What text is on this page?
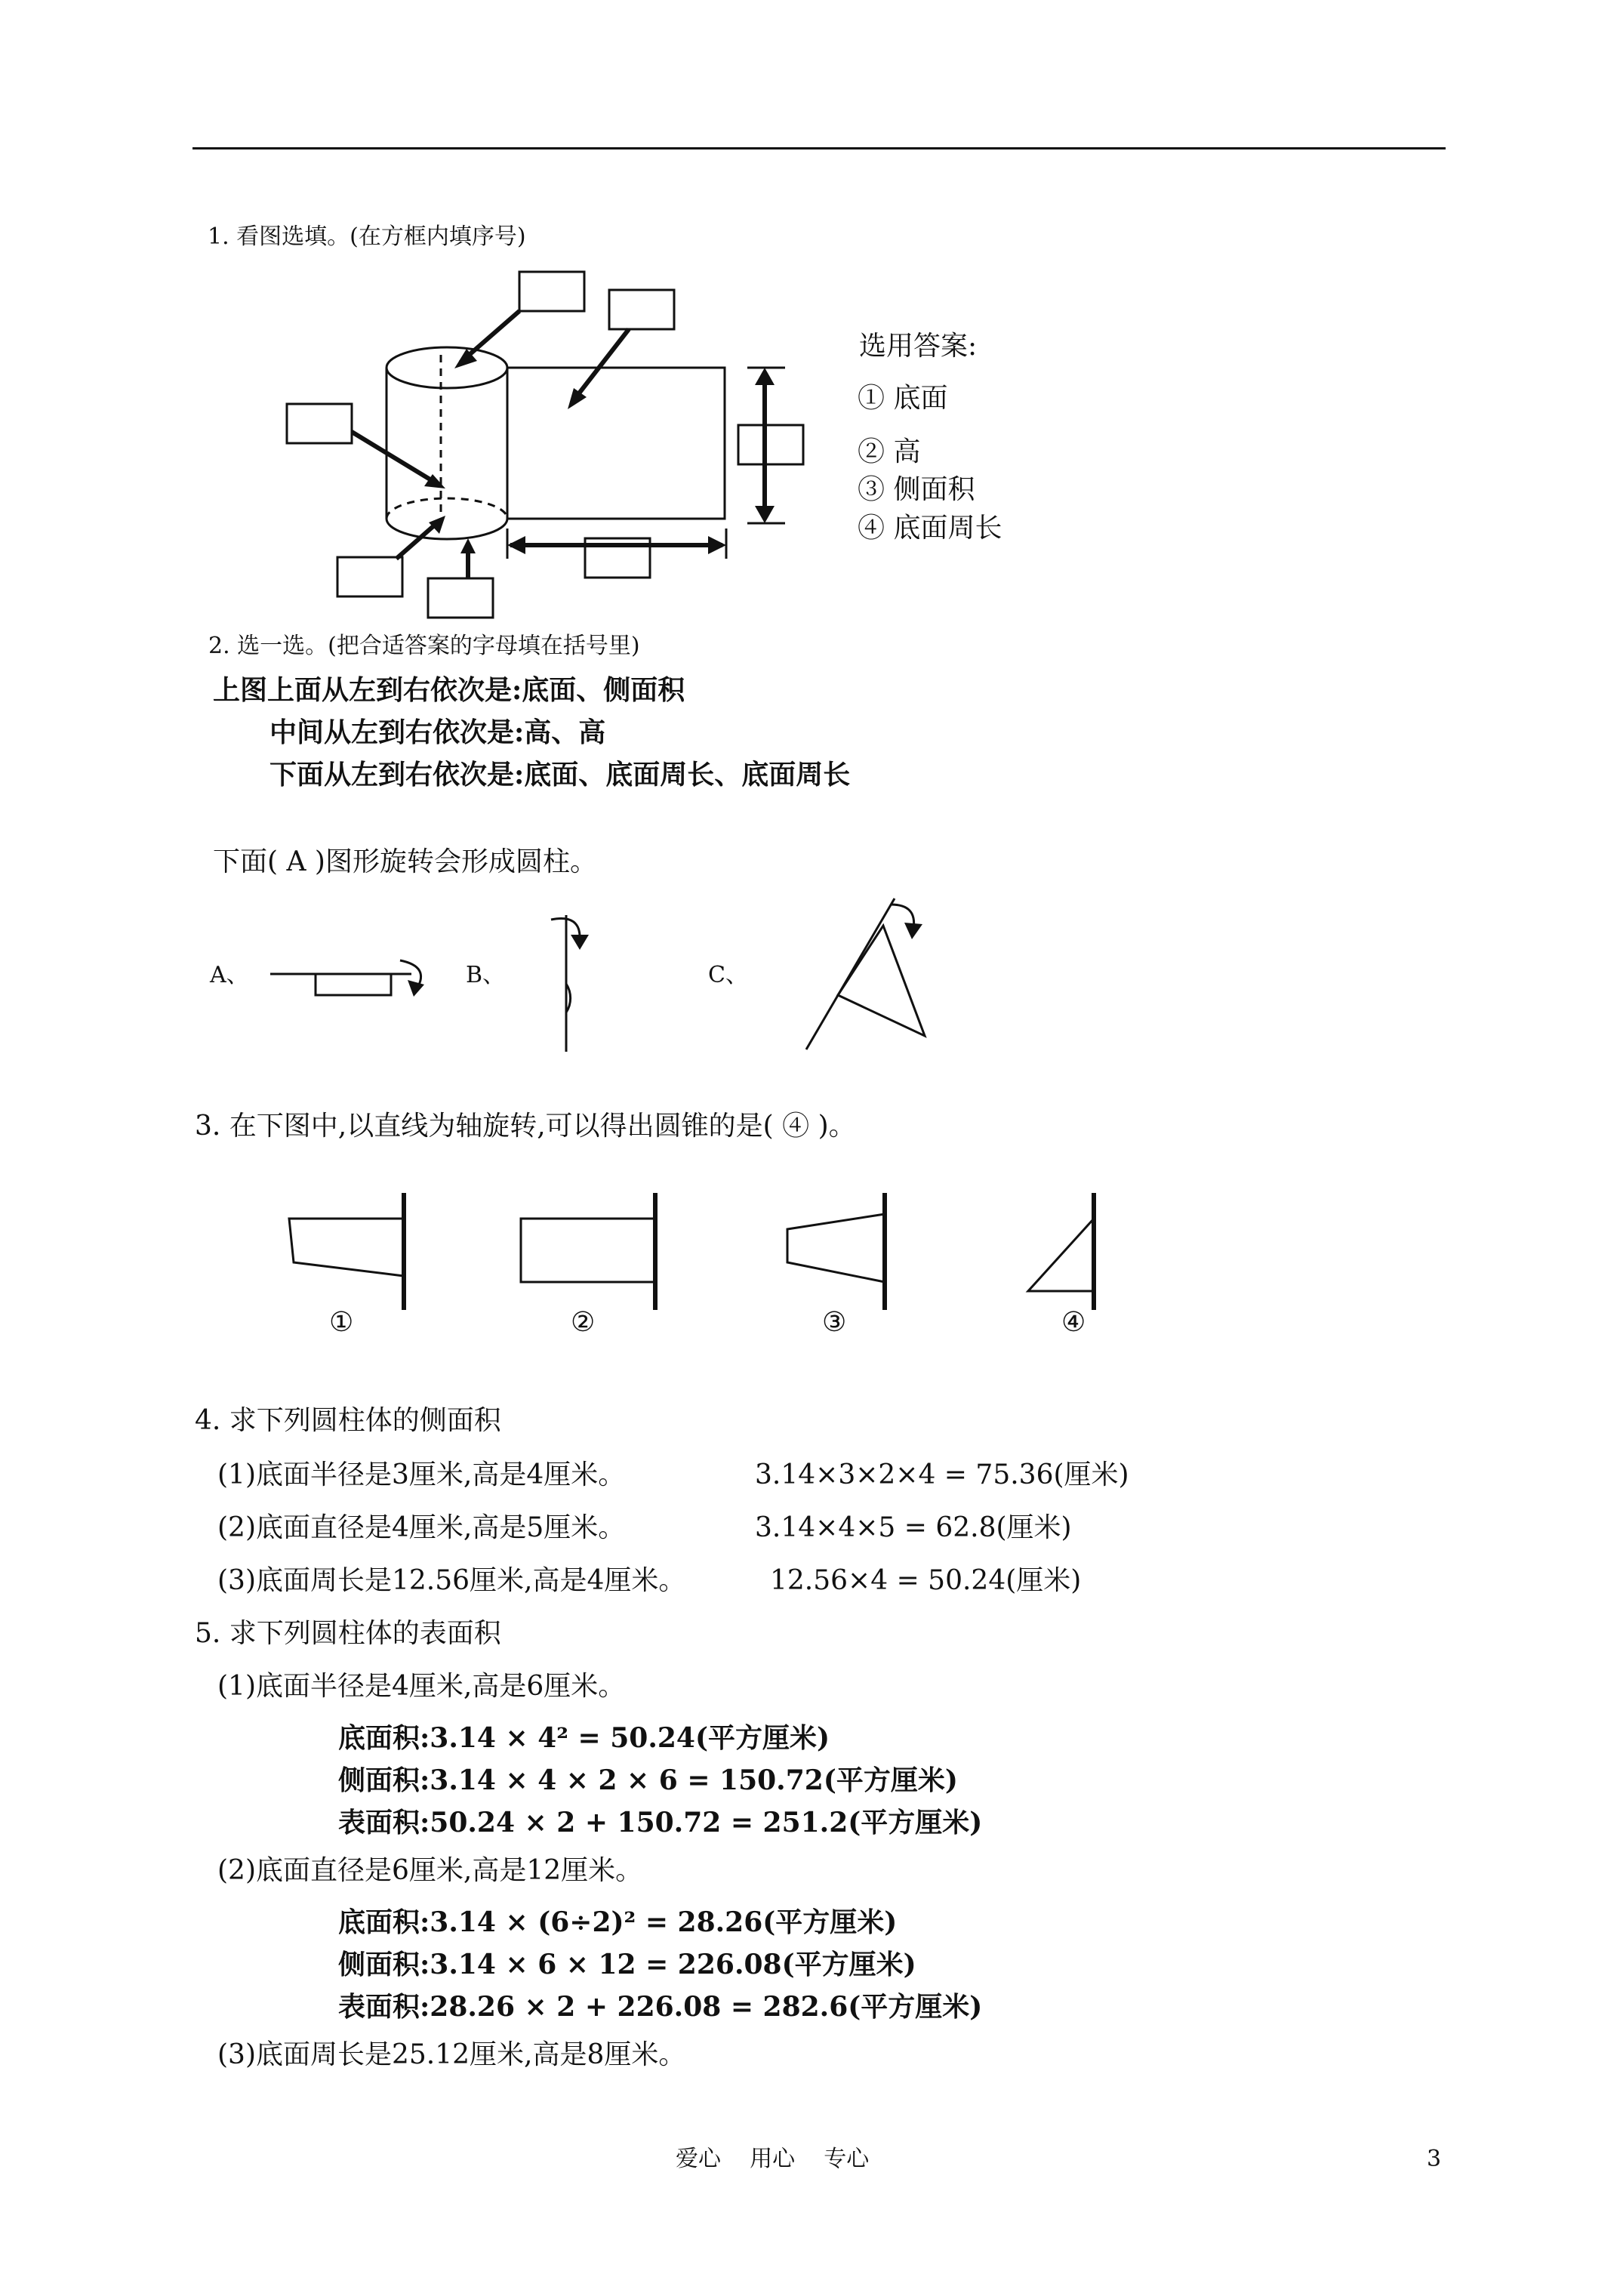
1. 看图选填。(在方框内填序号)
选用答案:
① 底面
② 高
③ 侧面积
④ 底面周长
2. 选一选。(把合适答案的字母填在括号里)
上图上面从左到右依次是:底面、侧面积
中间从左到右依次是:高、高
下面从左到右依次是:底面、底面周长、底面周长
下面( A )图形旋转会形成圆柱。
A、	B、	C、
3. 在下图中,以直线为轴旋转,可以得出圆锥的是( ④ )。
①	②	③	④
4. 求下列圆柱体的侧面积
(1)底面半径是3厘米,高是4厘米。	3.14×3×2×4 = 75.36(厘米)
(2)底面直径是4厘米,高是5厘米。	3.14×4×5 = 62.8(厘米)
(3)底面周长是12.56厘米,高是4厘米。	12.56×4 = 50.24(厘米)
5. 求下列圆柱体的表面积
(1)底面半径是4厘米,高是6厘米。
底面积:3.14 × 4² = 50.24(平方厘米)
侧面积:3.14 × 4 × 2 × 6 = 150.72(平方厘米)
表面积:50.24 × 2 + 150.72 = 251.2(平方厘米)
(2)底面直径是6厘米,高是12厘米。
底面积:3.14 × (6÷2)² = 28.26(平方厘米)
侧面积:3.14 × 6 × 12 = 226.08(平方厘米)
表面积:28.26 × 2 + 226.08 = 282.6(平方厘米)
(3)底面周长是25.12厘米,高是8厘米。
爱心    用心    专心	3
